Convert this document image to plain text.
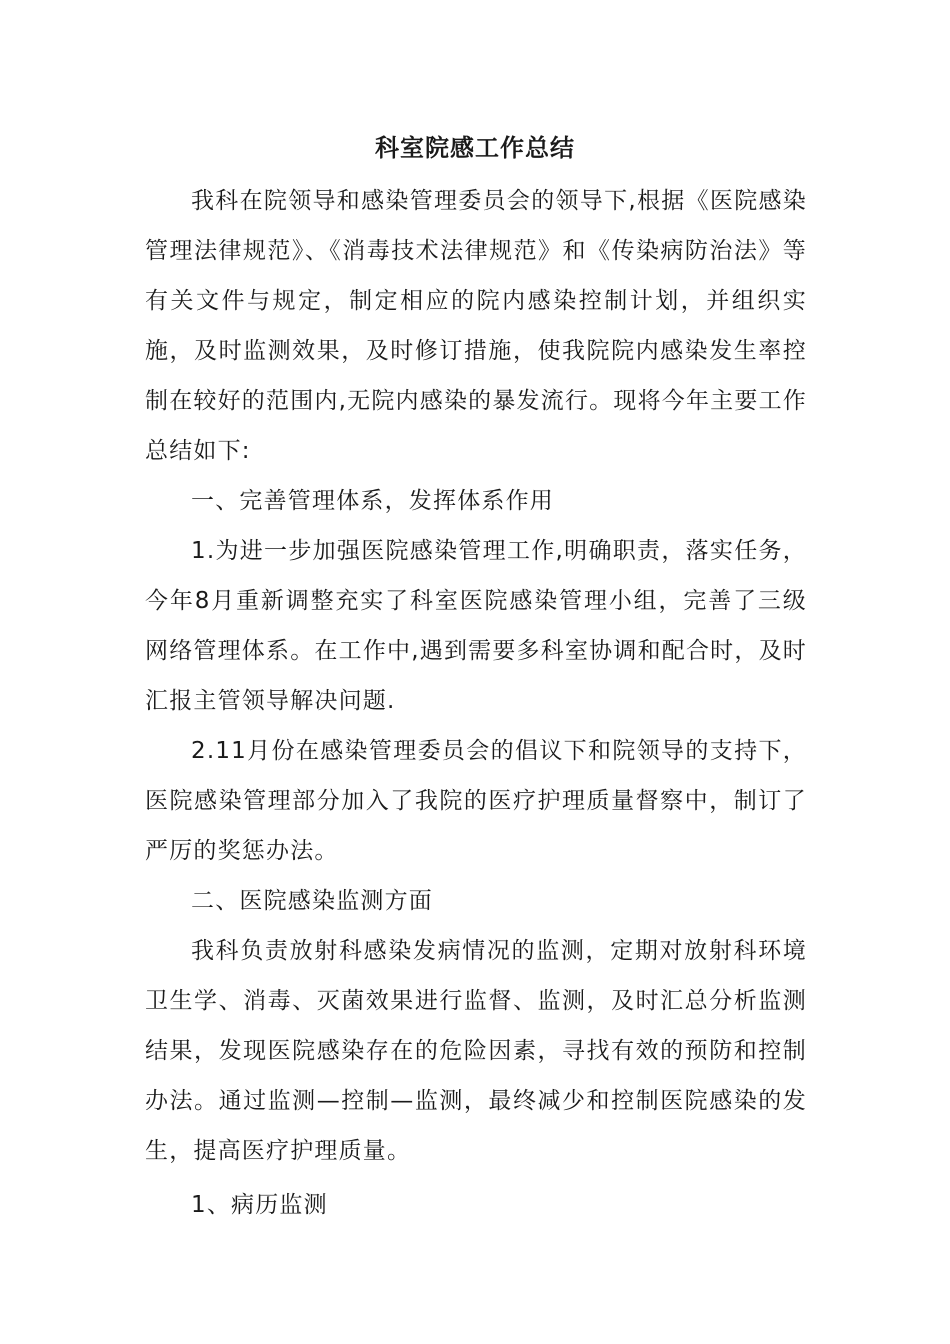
科室院感工作总结

我科在院领导和感染管理委员会的领导下,根据《医院感染管理法律规范》、《消毒技术法律规范》和《传染病防治法》等有关文件与规定，制定相应的院内感染控制计划，并组织实施，及时监测效果，及时修订措施，使我院院内感染发生率控制在较好的范围内,无院内感染的暴发流行。现将今年主要工作总结如下:

一、完善管理体系，发挥体系作用

1.为进一步加强医院感染管理工作,明确职责，落实任务，今年8月重新调整充实了科室医院感染管理小组，完善了三级网络管理体系。在工作中,遇到需要多科室协调和配合时，及时汇报主管领导解决问题.

2.11月份在感染管理委员会的倡议下和院领导的支持下，医院感染管理部分加入了我院的医疗护理质量督察中，制订了严厉的奖惩办法。

二、医院感染监测方面

我科负责放射科感染发病情况的监测，定期对放射科环境卫生学、消毒、灭菌效果进行监督、监测，及时汇总分析监测结果，发现医院感染存在的危险因素，寻找有效的预防和控制办法。通过监测—控制—监测，最终减少和控制医院感染的发生，提高医疗护理质量。

1、病历监测
